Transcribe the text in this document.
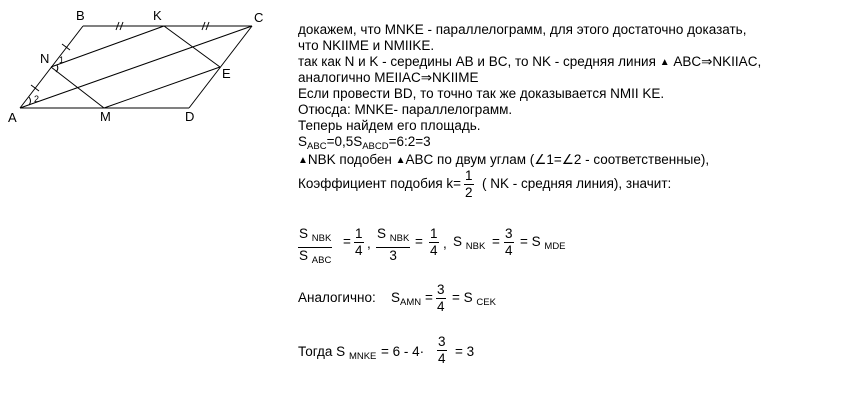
A
B	K	C
N
E
M	D
1
2
докажем, что MNKE - параллелограмм, для этого достаточно доказать,
что NKIIME и NMIIKE.
так как N и K - середины AB и BC, то NK - средняя линия ▲ ABC⇒NKIIAC,
аналогично MEIIAC⇒NKIIME
Если провести BD, то точно так же доказывается NMII KE.
Отюсда: MNKE- параллелограмм.
Теперь найдем его площадь.
$S_{ABC}=0,5S_{ABCD}=6:2=3$
▲NBK подобен ▲ABC по двум углам (∠1=∠2 - соответственные),
Коэффициент подобия $k= \frac{1}{2}$ ( NK - средняя линия), значит:
S $_{NBK}$
S $_{ABC}$
= $\frac{1}{4}$ ,
S $_{NBK}$
3
= $\frac{1}{4}$ , S $_{NBK} = \frac{3}{4} = S$ $_{MDE}$
Аналогично: $S_{AMN} = \frac{3}{4} = S$ $_{CEK}$
Тогда S $_{MNKE} = 6 - 4\cdot \frac{3}{4} = 3$
